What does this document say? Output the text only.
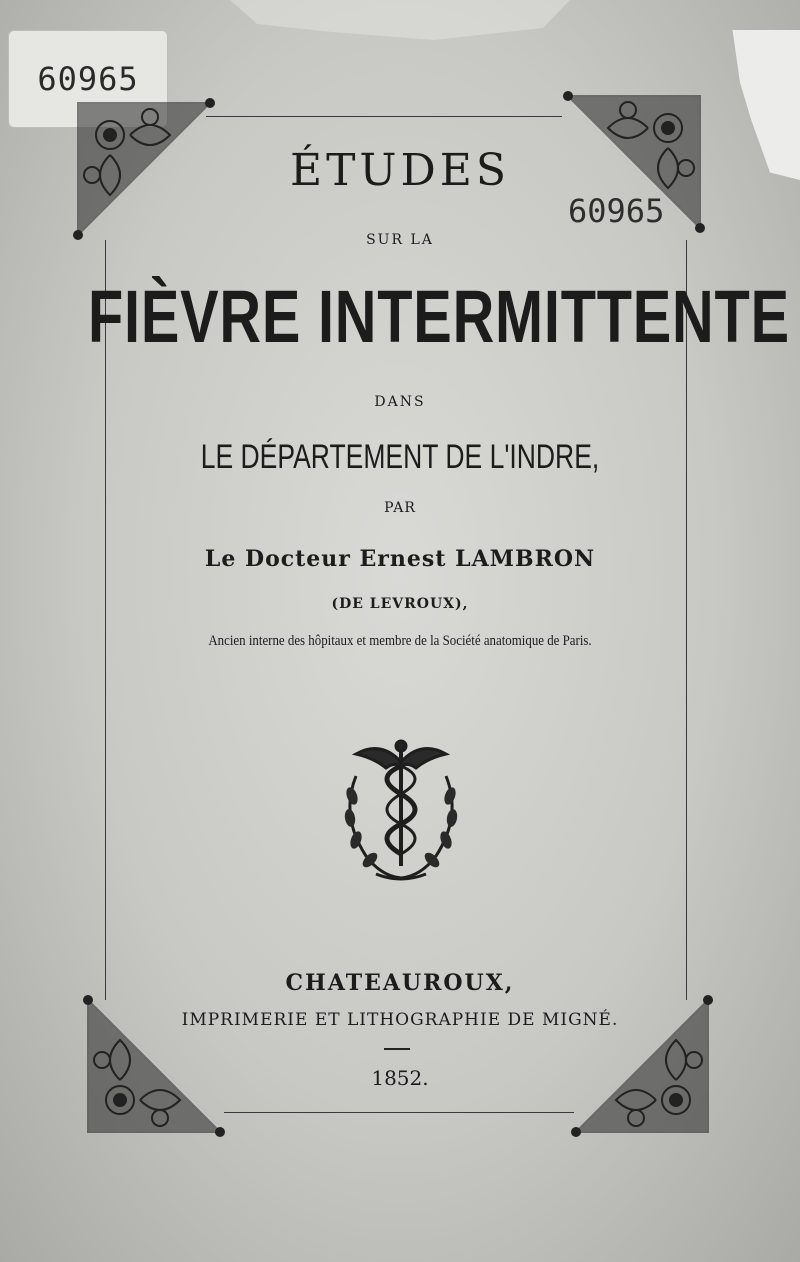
60965
60965
ÉTUDES
SUR LA
FIÈVRE INTERMITTENTE
DANS
LE DÉPARTEMENT DE L'INDRE,
PAR
Le Docteur Ernest LAMBRON
(DE LEVROUX),
Ancien interne des hôpitaux et membre de la Société anatomique de Paris.
CHATEAUROUX,
IMPRIMERIE ET LITHOGRAPHIE DE MIGNÉ.
1852.
